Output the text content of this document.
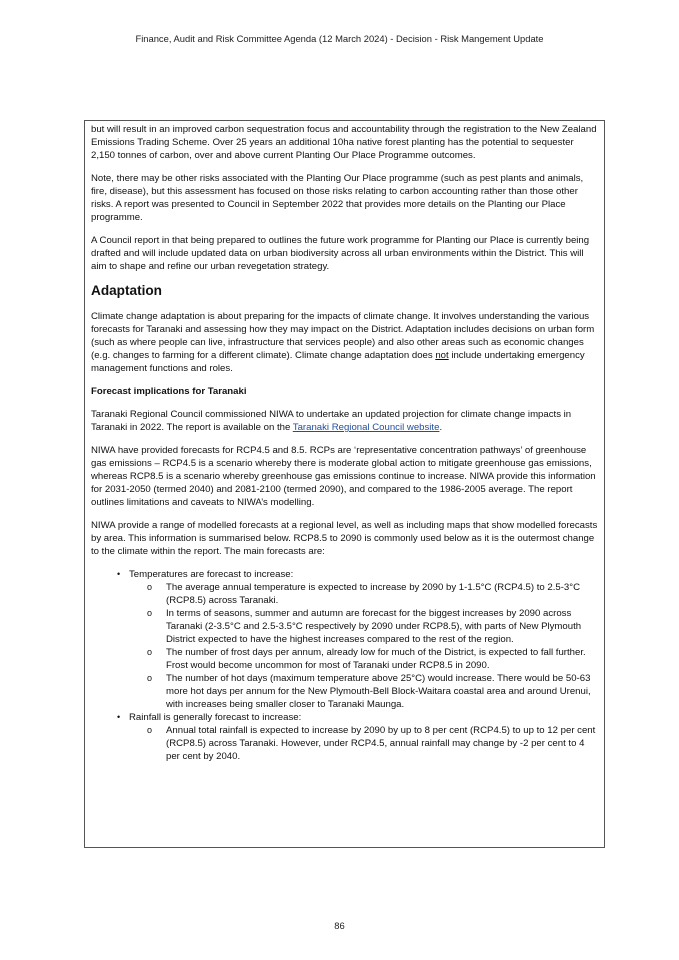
Finance, Audit and Risk Committee Agenda (12 March 2024) - Decision - Risk Mangement Update

but will result in an improved carbon sequestration focus and accountability through the registration to the New Zealand Emissions Trading Scheme. Over 25 years an additional 10ha native forest planting has the potential to sequester 2,150 tonnes of carbon, over and above current Planting Our Place Programme outcomes.

Note, there may be other risks associated with the Planting Our Place programme (such as pest plants and animals, fire, disease), but this assessment has focused on those risks relating to carbon accounting rather than those other risks. A report was presented to Council in September 2022 that provides more details on the Planting our Place programme.

A Council report in that being prepared to outlines the future work programme for Planting our Place is currently being drafted and will include updated data on urban biodiversity across all urban environments within the District. This will aim to shape and refine our urban revegetation strategy.

Adaptation

Climate change adaptation is about preparing for the impacts of climate change. It involves understanding the various forecasts for Taranaki and assessing how they may impact on the District. Adaptation includes decisions on urban form (such as where people can live, infrastructure that services people) and also other areas such as economic changes (e.g. changes to farming for a different climate). Climate change adaptation does not include undertaking emergency management functions and roles.

Forecast implications for Taranaki

Taranaki Regional Council commissioned NIWA to undertake an updated projection for climate change impacts in Taranaki in 2022. The report is available on the Taranaki Regional Council website.

NIWA have provided forecasts for RCP4.5 and 8.5. RCPs are ‘representative concentration pathways’ of greenhouse gas emissions – RCP4.5 is a scenario whereby there is moderate global action to mitigate greenhouse gas emissions, whereas RCP8.5 is a scenario whereby greenhouse gas emissions continue to increase. NIWA provide this information for 2031-2050 (termed 2040) and 2081-2100 (termed 2090), and compared to the 1986-2005 average. The report outlines limitations and caveats to NIWA’s modelling.

NIWA provide a range of modelled forecasts at a regional level, as well as including maps that show modelled forecasts by area. This information is summarised below. RCP8.5 to 2090 is commonly used below as it is the outermost change to the climate within the report. The main forecasts are:

• Temperatures are forecast to increase:
o The average annual temperature is expected to increase by 2090 by 1-1.5°C (RCP4.5) to 2.5-3°C (RCP8.5) across Taranaki.
o In terms of seasons, summer and autumn are forecast for the biggest increases by 2090 across Taranaki (2-3.5°C and 2.5-3.5°C respectively by 2090 under RCP8.5), with parts of New Plymouth District expected to have the highest increases compared to the rest of the region.
o The number of frost days per annum, already low for much of the District, is expected to fall further. Frost would become uncommon for most of Taranaki under RCP8.5 in 2090.
o The number of hot days (maximum temperature above 25°C) would increase. There would be 50-63 more hot days per annum for the New Plymouth-Bell Block-Waitara coastal area and around Urenui, with increases being smaller closer to Taranaki Maunga.
• Rainfall is generally forecast to increase:
o Annual total rainfall is expected to increase by 2090 by up to 8 per cent (RCP4.5) to up to 12 per cent (RCP8.5) across Taranaki. However, under RCP4.5, annual rainfall may change by -2 per cent to 4 per cent by 2040.
86
